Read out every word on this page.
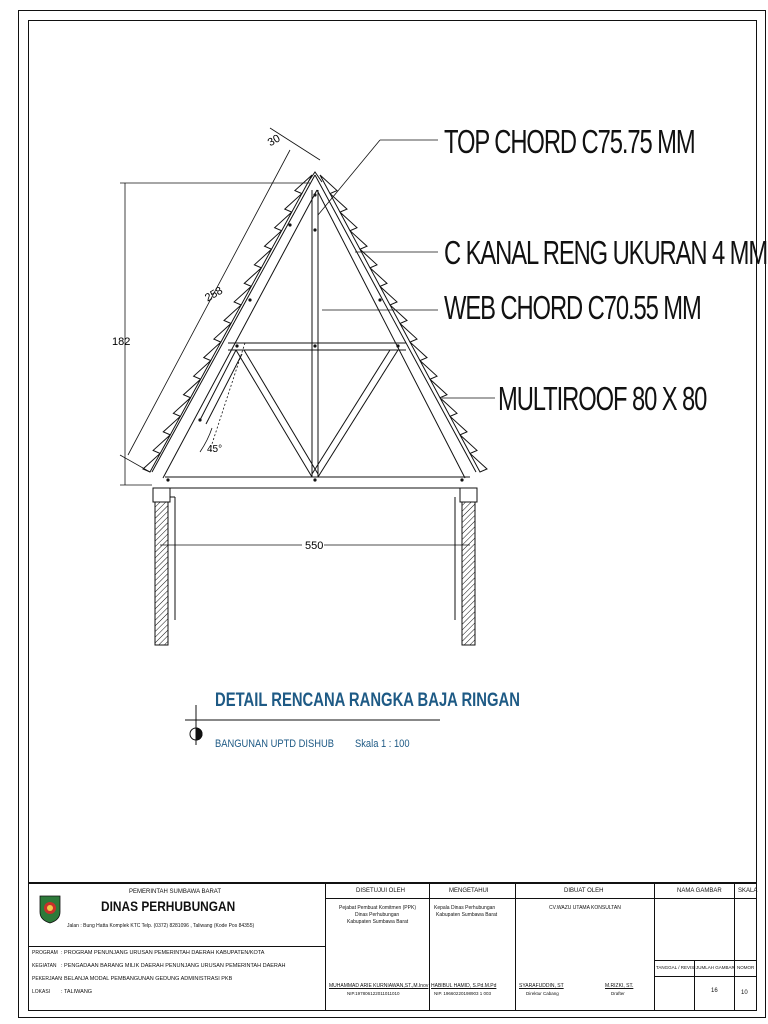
30
258
182
45°
550
TOP CHORD C75.75 MM
C KANAL RENG UKURAN 4 MM
WEB CHORD C70.55 MM
MULTIROOF 80 X 80
DETAIL RENCANA RANGKA BAJA RINGAN
BANGUNAN UPTD DISHUB Skala 1 : 100
PEMERINTAH SUMBAWA BARAT
DINAS PERHUBUNGAN
Jalan : Bung Hatta Komplek KTC Telp. (0372) 8281096 , Taliwang (Kode Pos 84355)
PROGRAM : PROGRAM PENUNJANG URUSAN PEMERINTAH DAERAH KABUPATEN/KOTA
KEGIATAN : PENGADAAN BARANG MILIK DAERAH PENUNJANG URUSAN PEMERINTAH DAERAH
PEKERJAAN : BELANJA MODAL PEMBANGUNAN GEDUNG ADMINISTRASI PKB
LOKASI : TALIWANG
DISETUJUI OLEH
Pejabat Pembuat Komitmen (PPK)
Dinas Perhubungan
Kabupaten Sumbawa Barat
MUHAMMAD ARIE KURNIAWAN,ST.,M.Inov
NIP.197806122011011010
MENGETAHUI
Kepala Dinas Perhubungan
Kabupaten Sumbawa Barat
HABIBUL HAMID, S.Pd.M.Pd
NIP. 19660220198903 1 003
DIBUAT OLEH
CV.WAZU UTAMA KONSULTAN
SYARAFUDDIN, ST
Direktur Cabang
M.RIZKI, ST.
Drafter
NAMA GAMBAR	SKALA
TANGGAL / REVISI JUMLAH GAMBAR NOMOR
16	10
